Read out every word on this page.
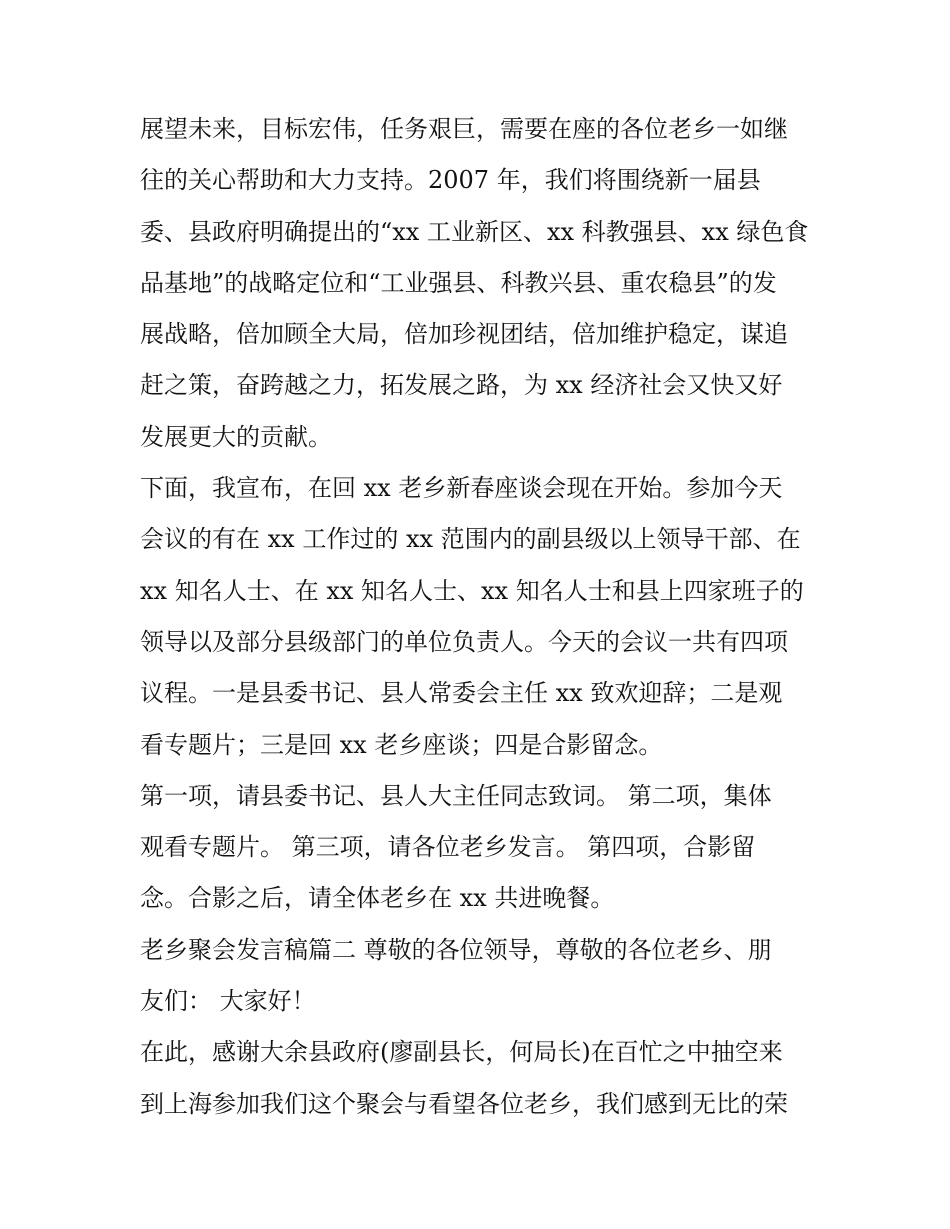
展望未来，目标宏伟，任务艰巨，需要在座的各位老乡一如继
往的关心帮助和大力支持。2007 年，我们将围绕新一届县
委、县政府明确提出的“xx 工业新区、xx 科教强县、xx 绿色食
品基地”的战略定位和“工业强县、科教兴县、重农稳县”的发
展战略，倍加顾全大局，倍加珍视团结，倍加维护稳定，谋追
赶之策，奋跨越之力，拓发展之路，为 xx 经济社会又快又好
发展更大的贡献。
下面，我宣布，在回 xx 老乡新春座谈会现在开始。参加今天
会议的有在 xx 工作过的 xx 范围内的副县级以上领导干部、在
xx 知名人士、在 xx 知名人士、xx 知名人士和县上四家班子的
领导以及部分县级部门的单位负责人。今天的会议一共有四项
议程。一是县委书记、县人常委会主任 xx 致欢迎辞；二是观
看专题片；三是回 xx 老乡座谈；四是合影留念。
第一项，请县委书记、县人大主任同志致词。 第二项，集体
观看专题片。 第三项，请各位老乡发言。 第四项，合影留
念。合影之后，请全体老乡在 xx 共进晚餐。
老乡聚会发言稿篇二 尊敬的各位领导，尊敬的各位老乡、朋
友们： 大家好！
在此，感谢大余县政府(廖副县长，何局长)在百忙之中抽空来
到上海参加我们这个聚会与看望各位老乡，我们感到无比的荣
